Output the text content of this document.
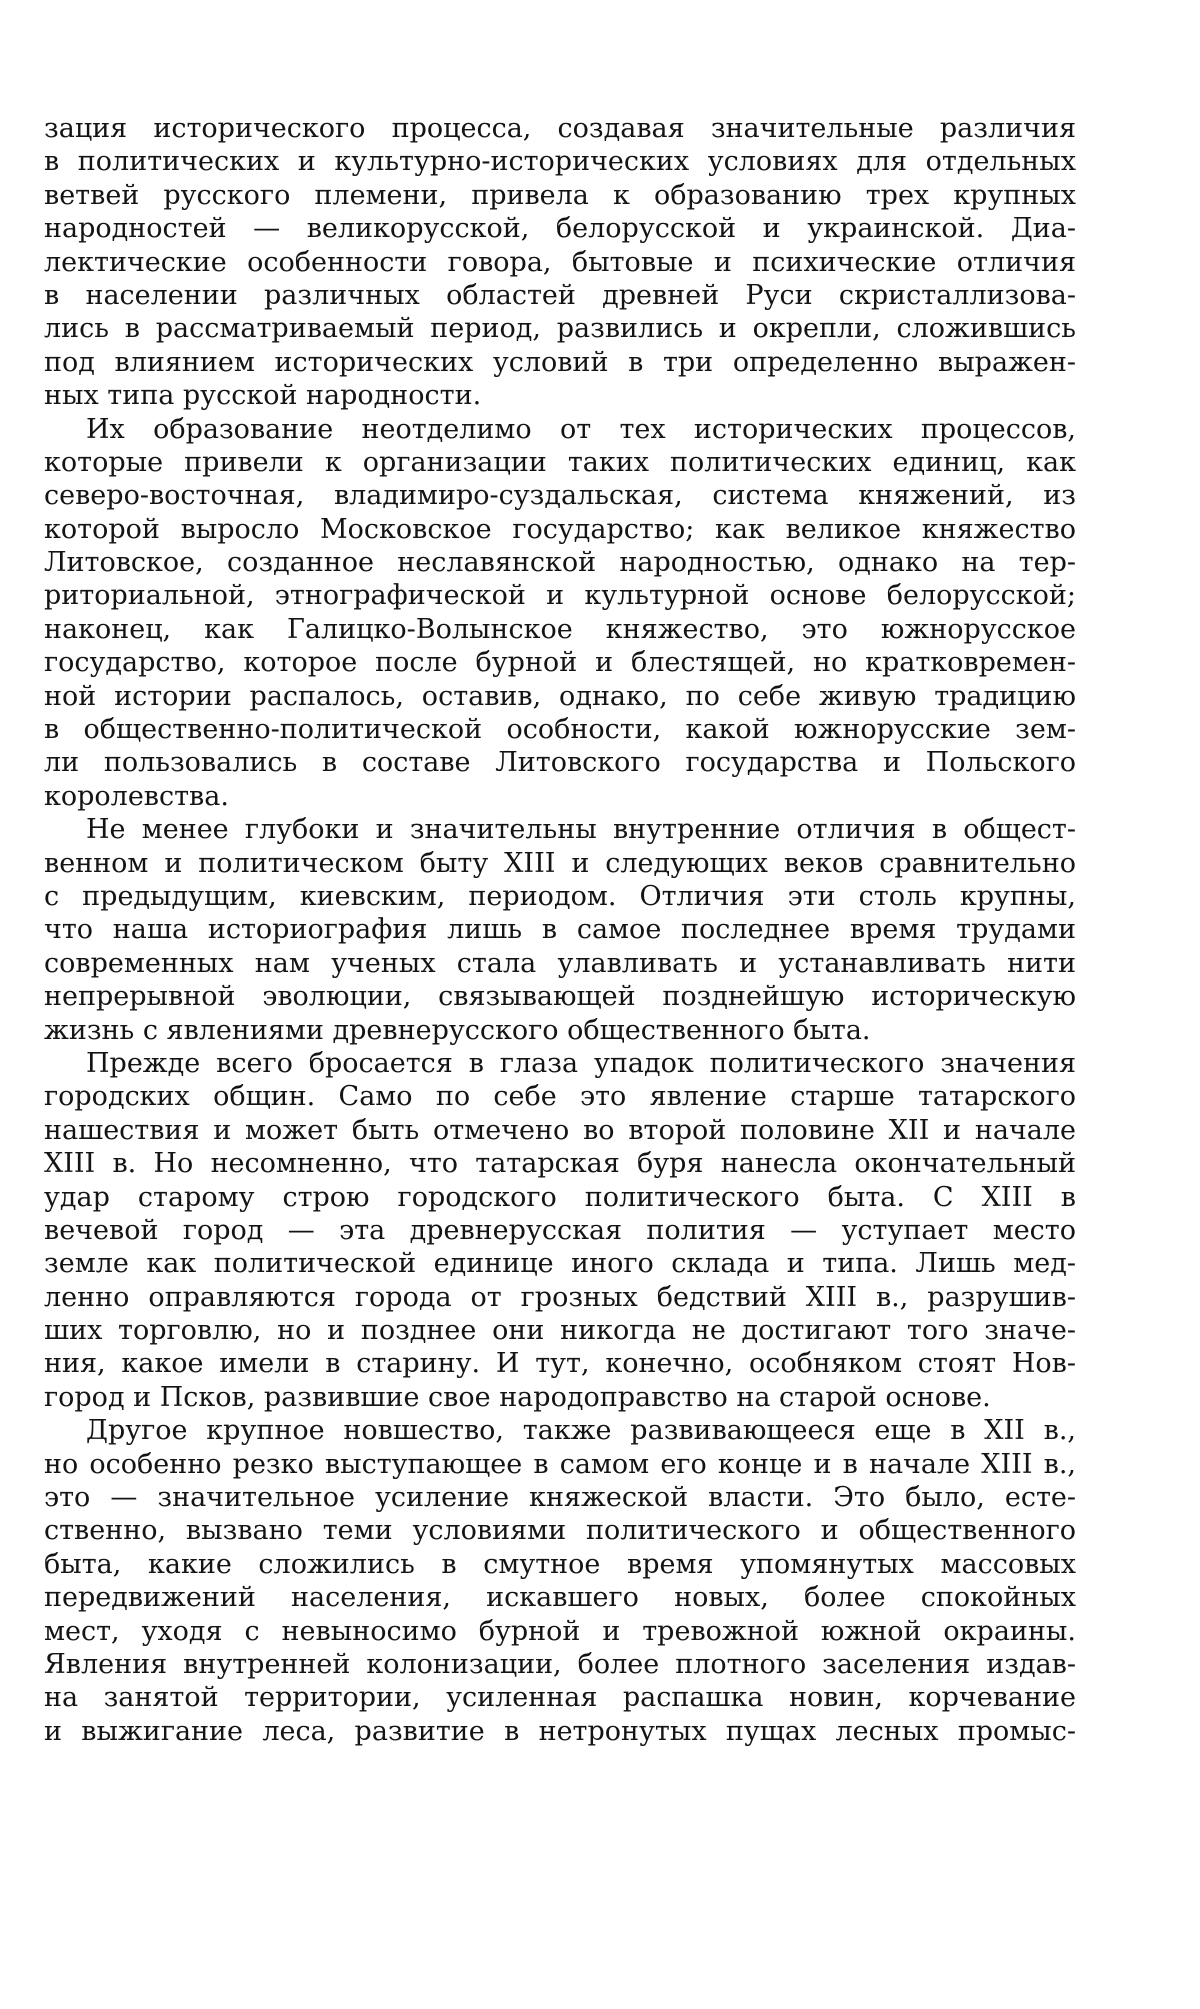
зация исторического процесса, создавая значительные различия
в политических и культурно-исторических условиях для отдельных
ветвей русского племени, привела к образованию трех крупных
народностей — великорусской, белорусской и украинской. Диа-
лектические особенности говора, бытовые и психические отличия
в населении различных областей древней Руси скристаллизова-
лись в рассматриваемый период, развились и окрепли, сложившись
под влиянием исторических условий в три определенно выражен-
ных типа русской народности.
Их образование неотделимо от тех исторических процессов,
которые привели к организации таких политических единиц, как
северо-восточная, владимиро-суздальская, система княжений, из
которой выросло Московское государство; как великое княжество
Литовское, созданное неславянской народностью, однако на тер-
риториальной, этнографической и культурной основе белорусской;
наконец, как Галицко-Волынское княжество, это южнорусское
государство, которое после бурной и блестящей, но кратковремен-
ной истории распалось, оставив, однако, по себе живую традицию
в общественно-политической особности, какой южнорусские зем-
ли пользовались в составе Литовского государства и Польского
королевства.
Не менее глубоки и значительны внутренние отличия в общест-
венном и политическом быту XIII и следующих веков сравнительно
с предыдущим, киевским, периодом. Отличия эти столь крупны,
что наша историография лишь в самое последнее время трудами
современных нам ученых стала улавливать и устанавливать нити
непрерывной эволюции, связывающей позднейшую историческую
жизнь с явлениями древнерусского общественного быта.
Прежде всего бросается в глаза упадок политического значения
городских общин. Само по себе это явление старше татарского
нашествия и может быть отмечено во второй половине XII и начале
XIII в. Но несомненно, что татарская буря нанесла окончательный
удар старому строю городского политического быта. С XIII в
вечевой город — эта древнерусская полития — уступает место
земле как политической единице иного склада и типа. Лишь мед-
ленно оправляются города от грозных бедствий XIII в., разрушив-
ших торговлю, но и позднее они никогда не достигают того значе-
ния, какое имели в старину. И тут, конечно, особняком стоят Нов-
город и Псков, развившие свое народоправство на старой основе.
Другое крупное новшество, также развивающееся еще в XII в.,
но особенно резко выступающее в самом его конце и в начале XIII в.,
это — значительное усиление княжеской власти. Это было, есте-
ственно, вызвано теми условиями политического и общественного
быта, какие сложились в смутное время упомянутых массовых
передвижений населения, искавшего новых, более спокойных
мест, уходя с невыносимо бурной и тревожной южной окраины.
Явления внутренней колонизации, более плотного заселения издав-
на занятой территории, усиленная распашка новин, корчевание
и выжигание леса, развитие в нетронутых пущах лесных промыс-
